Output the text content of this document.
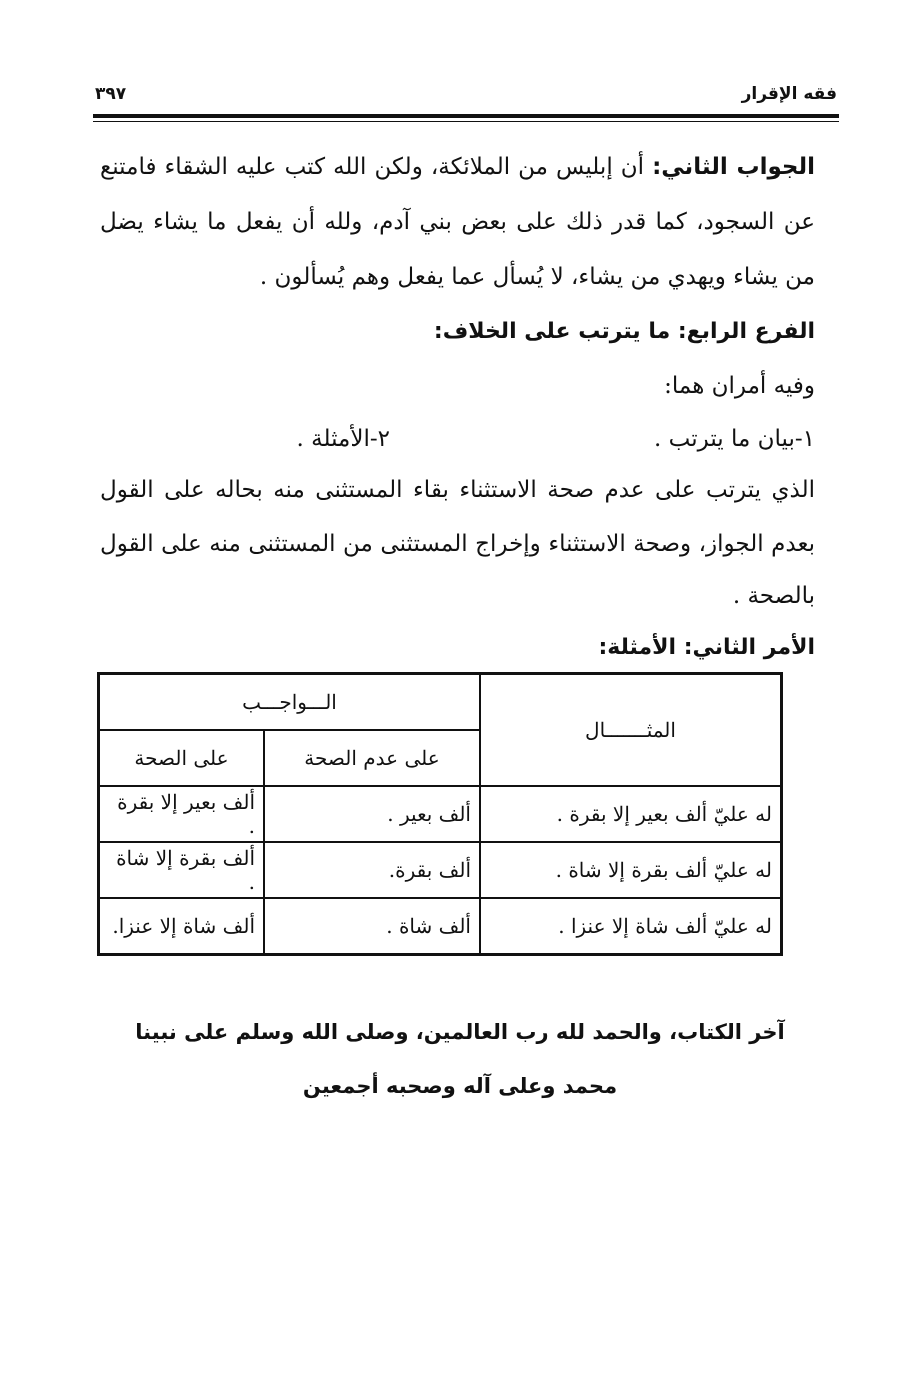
فقه الإقرار
٣٩٧
الجواب الثاني: أن إبليس من الملائكة، ولكن الله كتب عليه الشقاء فامتنع
عن السجود، كما قدر ذلك على بعض بني آدم، ولله أن يفعل ما يشاء يضل
من يشاء ويهدي من يشاء، لا يُسأل عما يفعل وهم يُسألون .
الفرع الرابع: ما يترتب على الخلاف:
وفيه أمران هما:
١-بيان ما يترتب .
٢-الأمثلة .
الذي يترتب على عدم صحة الاستثناء بقاء المستثنى منه بحاله على القول
بعدم الجواز، وصحة الاستثناء وإخراج المستثنى من المستثنى منه على القول
بالصحة .
الأمر الثاني: الأمثلة:
المثـــــــال	الـــواجـــب	
	على عدم الصحة	على الصحة
له عليّ ألف بعير إلا بقرة .	ألف بعير .	ألف بعير إلا بقرة .
له عليّ ألف بقرة إلا شاة .	ألف بقرة.	ألف بقرة إلا شاة .
له عليّ ألف شاة إلا عنزا .	ألف شاة .	ألف شاة إلا عنزا.
آخر الكتاب، والحمد لله رب العالمين، وصلى الله وسلم على نبينا
محمد وعلى آله وصحبه أجمعين
